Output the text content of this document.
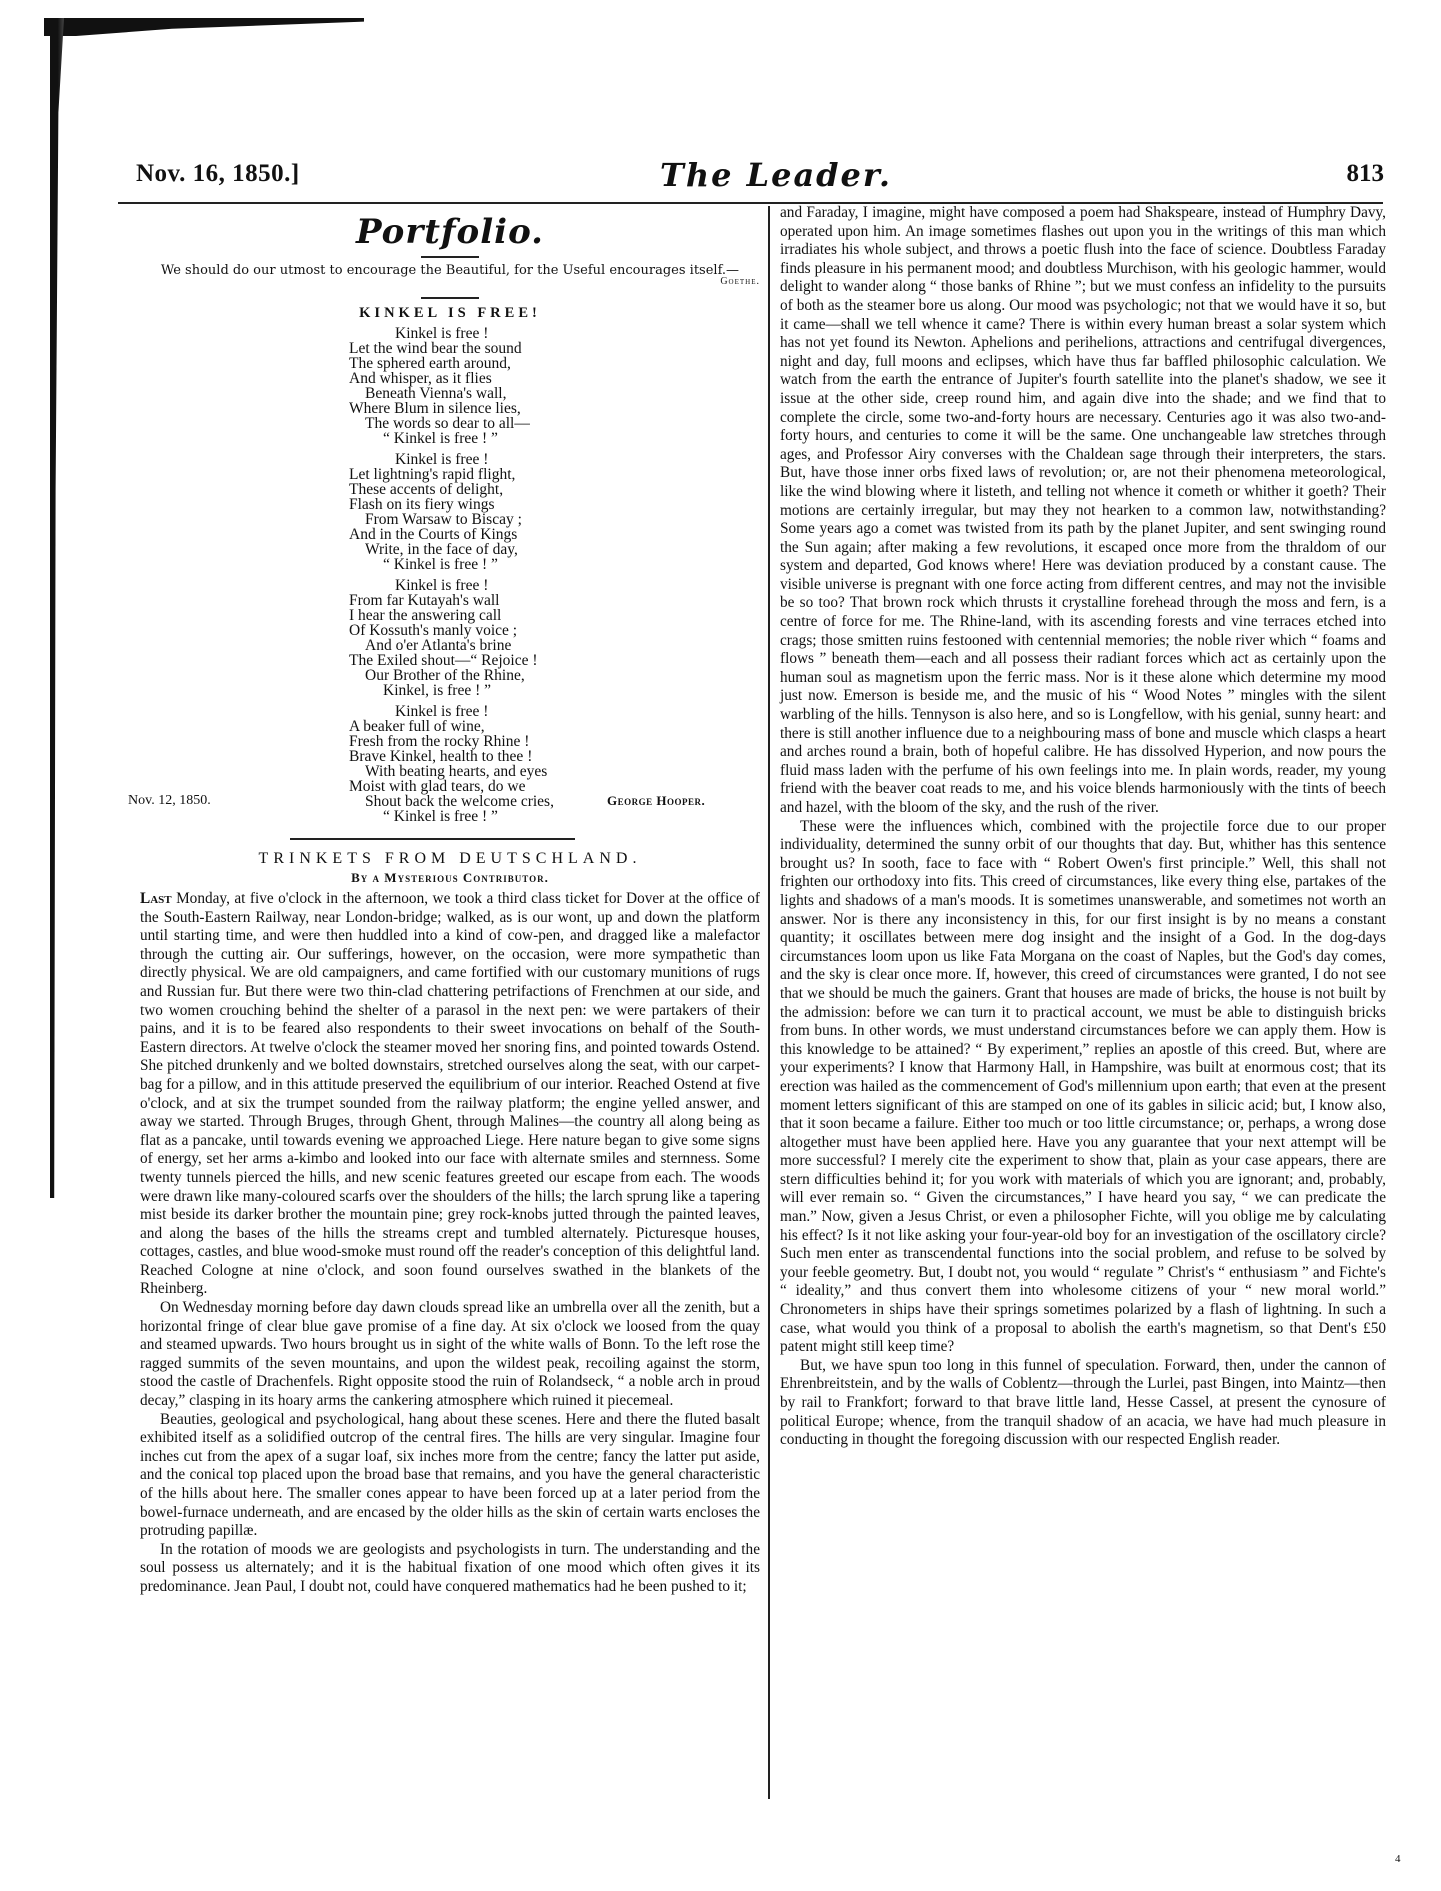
Nov. 16, 1850.]	The Leader.	813
Portfolio.
We should do our utmost to encourage the Beautiful, for the Useful encourages itself.—
Goethe.
KINKEL IS FREE!
Kinkel is free !
Let the wind bear the sound
The sphered earth around,
And whisper, as it flies
Beneath Vienna's wall,
Where Blum in silence lies,
The words so dear to all—
“ Kinkel is free ! ”
Kinkel is free !
Let lightning's rapid flight,
These accents of delight,
Flash on its fiery wings
From Warsaw to Biscay ;
And in the Courts of Kings
Write, in the face of day,
“ Kinkel is free ! ”
Kinkel is free !
From far Kutayah's wall
I hear the answering call
Of Kossuth's manly voice ;
And o'er Atlanta's brine
The Exiled shout—“ Rejoice !
Our Brother of the Rhine,
Kinkel, is free ! ”
Kinkel is free !
A beaker full of wine,
Fresh from the rocky Rhine !
Brave Kinkel, health to thee !
With beating hearts, and eyes
Moist with glad tears, do we
Shout back the welcome cries,
“ Kinkel is free ! ”
TRINKETS FROM DEUTSCHLAND.
By a Mysterious Contributor.

Last Monday, at five o'clock in the afternoon, we took a third class ticket for Dover at the office of the South-Eastern Railway, near London-bridge; walked, as is our wont, up and down the platform until starting time, and were then huddled into a kind of cow-pen, and dragged like a malefactor through the cutting air. Our sufferings, however, on the occasion, were more sympathetic than directly physical. We are old campaigners, and came fortified with our customary munitions of rugs and Russian fur. But there were two thin-clad chattering petrifactions of Frenchmen at our side, and two women crouching behind the shelter of a parasol in the next pen: we were partakers of their pains, and it is to be feared also respondents to their sweet invocations on behalf of the South-Eastern directors. At twelve o'clock the steamer moved her snoring fins, and pointed towards Ostend. She pitched drunkenly and we bolted downstairs, stretched ourselves along the seat, with our carpet-bag for a pillow, and in this attitude preserved the equilibrium of our interior. Reached Ostend at five o'clock, and at six the trumpet sounded from the railway platform; the engine yelled answer, and away we started. Through Bruges, through Ghent, through Malines—the country all along being as flat as a pancake, until towards evening we approached Liege. Here nature began to give some signs of energy, set her arms a-kimbo and looked into our face with alternate smiles and sternness. Some twenty tunnels pierced the hills, and new scenic features greeted our escape from each. The woods were drawn like many-coloured scarfs over the shoulders of the hills; the larch sprung like a tapering mist beside its darker brother the mountain pine; grey rock-knobs jutted through the painted leaves, and along the bases of the hills the streams crept and tumbled alternately. Picturesque houses, cottages, castles, and blue wood-smoke must round off the reader's conception of this delightful land. Reached Cologne at nine o'clock, and soon found ourselves swathed in the blankets of the Rheinberg.

On Wednesday morning before day dawn clouds spread like an umbrella over all the zenith, but a horizontal fringe of clear blue gave promise of a fine day. At six o'clock we loosed from the quay and steamed upwards. Two hours brought us in sight of the white walls of Bonn. To the left rose the ragged summits of the seven mountains, and upon the wildest peak, recoiling against the storm, stood the castle of Drachenfels. Right opposite stood the ruin of Rolandseck, “ a noble arch in proud decay,” clasping in its hoary arms the cankering atmosphere which ruined it piecemeal.

Beauties, geological and psychological, hang about these scenes. Here and there the fluted basalt exhibited itself as a solidified outcrop of the central fires. The hills are very singular. Imagine four inches cut from the apex of a sugar loaf, six inches more from the centre; fancy the latter put aside, and the conical top placed upon the broad base that remains, and you have the general characteristic of the hills about here. The smaller cones appear to have been forced up at a later period from the bowel-furnace underneath, and are encased by the older hills as the skin of certain warts encloses the protruding papillæ.

In the rotation of moods we are geologists and psychologists in turn. The understanding and the soul possess us alternately; and it is the habitual fixation of one mood which often gives it its predominance. Jean Paul, I doubt not, could have conquered mathematics had he been pushed to it;

Nov. 12, 1850.	George Hooper.

and Faraday, I imagine, might have composed a poem had Shakspeare, instead of Humphry Davy, operated upon him. An image sometimes flashes out upon you in the writings of this man which irradiates his whole subject, and throws a poetic flush into the face of science. Doubtless Faraday finds pleasure in his permanent mood; and doubtless Murchison, with his geologic hammer, would delight to wander along “ those banks of Rhine ”; but we must confess an infidelity to the pursuits of both as the steamer bore us along. Our mood was psychologic; not that we would have it so, but it came—shall we tell whence it came? There is within every human breast a solar system which has not yet found its Newton. Aphelions and perihelions, attractions and centrifugal divergences, night and day, full moons and eclipses, which have thus far baffled philosophic calculation. We watch from the earth the entrance of Jupiter's fourth satellite into the planet's shadow, we see it issue at the other side, creep round him, and again dive into the shade; and we find that to complete the circle, some two-and-forty hours are necessary. Centuries ago it was also two-and-forty hours, and centuries to come it will be the same. One unchangeable law stretches through ages, and Professor Airy converses with the Chaldean sage through their interpreters, the stars. But, have those inner orbs fixed laws of revolution; or, are not their phenomena meteorological, like the wind blowing where it listeth, and telling not whence it cometh or whither it goeth? Their motions are certainly irregular, but may they not hearken to a common law, notwithstanding? Some years ago a comet was twisted from its path by the planet Jupiter, and sent swinging round the Sun again; after making a few revolutions, it escaped once more from the thraldom of our system and departed, God knows where! Here was deviation produced by a constant cause. The visible universe is pregnant with one force acting from different centres, and may not the invisible be so too? That brown rock which thrusts it crystalline forehead through the moss and fern, is a centre of force for me. The Rhine-land, with its ascending forests and vine terraces etched into crags; those smitten ruins festooned with centennial memories; the noble river which “ foams and flows ” beneath them—each and all possess their radiant forces which act as certainly upon the human soul as magnetism upon the ferric mass. Nor is it these alone which determine my mood just now. Emerson is beside me, and the music of his “ Wood Notes ” mingles with the silent warbling of the hills. Tennyson is also here, and so is Longfellow, with his genial, sunny heart: and there is still another influence due to a neighbouring mass of bone and muscle which clasps a heart and arches round a brain, both of hopeful calibre. He has dissolved Hyperion, and now pours the fluid mass laden with the perfume of his own feelings into me. In plain words, reader, my young friend with the beaver coat reads to me, and his voice blends harmoniously with the tints of beech and hazel, with the bloom of the sky, and the rush of the river.

These were the influences which, combined with the projectile force due to our proper individuality, determined the sunny orbit of our thoughts that day. But, whither has this sentence brought us? In sooth, face to face with “ Robert Owen's first principle.” Well, this shall not frighten our orthodoxy into fits. This creed of circumstances, like every thing else, partakes of the lights and shadows of a man's moods. It is sometimes unanswerable, and sometimes not worth an answer. Nor is there any inconsistency in this, for our first insight is by no means a constant quantity; it oscillates between mere dog insight and the insight of a God. In the dog-days circumstances loom upon us like Fata Morgana on the coast of Naples, but the God's day comes, and the sky is clear once more. If, however, this creed of circumstances were granted, I do not see that we should be much the gainers. Grant that houses are made of bricks, the house is not built by the admission: before we can turn it to practical account, we must be able to distinguish bricks from buns. In other words, we must understand circumstances before we can apply them. How is this knowledge to be attained? “ By experiment,” replies an apostle of this creed. But, where are your experiments? I know that Harmony Hall, in Hampshire, was built at enormous cost; that its erection was hailed as the commencement of God's millennium upon earth; that even at the present moment letters significant of this are stamped on one of its gables in silicic acid; but, I know also, that it soon became a failure. Either too much or too little circumstance; or, perhaps, a wrong dose altogether must have been applied here. Have you any guarantee that your next attempt will be more successful? I merely cite the experiment to show that, plain as your case appears, there are stern difficulties behind it; for you work with materials of which you are ignorant; and, probably, will ever remain so. “ Given the circumstances,” I have heard you say, “ we can predicate the man.” Now, given a Jesus Christ, or even a philosopher Fichte, will you oblige me by calculating his effect? Is it not like asking your four-year-old boy for an investigation of the oscillatory circle? Such men enter as transcendental functions into the social problem, and refuse to be solved by your feeble geometry. But, I doubt not, you would “ regulate ” Christ's “ enthusiasm ” and Fichte's “ ideality,” and thus convert them into wholesome citizens of your “ new moral world.” Chronometers in ships have their springs sometimes polarized by a flash of lightning. In such a case, what would you think of a proposal to abolish the earth's magnetism, so that Dent's £50 patent might still keep time?

But, we have spun too long in this funnel of speculation. Forward, then, under the cannon of Ehrenbreitstein, and by the walls of Coblentz—through the Lurlei, past Bingen, into Maintz—then by rail to Frankfort; forward to that brave little land, Hesse Cassel, at present the cynosure of political Europe; whence, from the tranquil shadow of an acacia, we have had much pleasure in conducting in thought the foregoing discussion with our respected English reader.

4
